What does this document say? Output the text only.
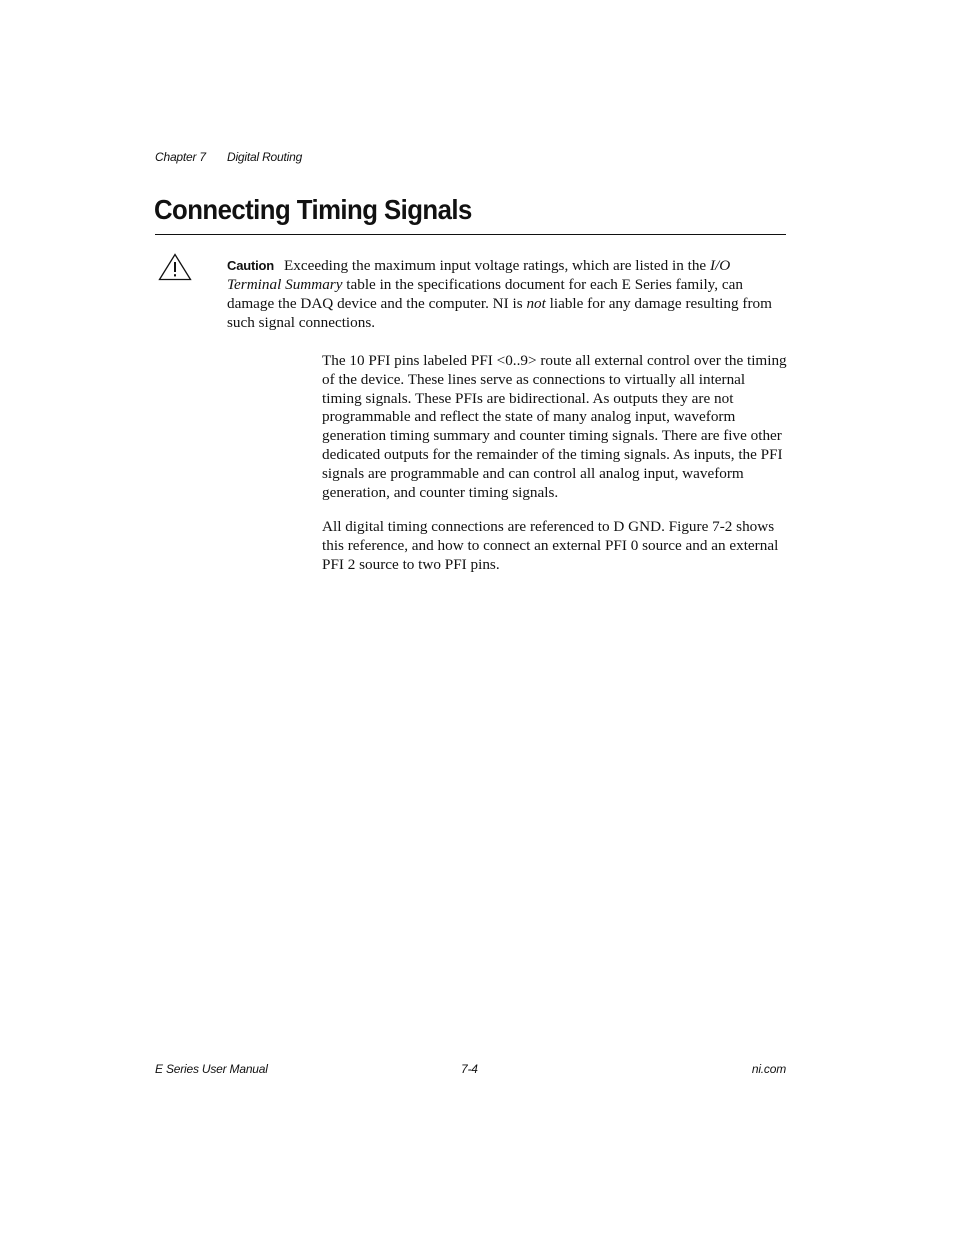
Chapter 7 Digital Routing
Connecting Timing Signals

Caution Exceeding the maximum input voltage ratings, which are listed in the I/O Terminal Summary table in the specifications document for each E Series family, can damage the DAQ device and the computer. NI is not liable for any damage resulting from such signal connections.

The 10 PFI pins labeled PFI <0..9> route all external control over the timing of the device. These lines serve as connections to virtually all internal timing signals. These PFIs are bidirectional. As outputs they are not programmable and reflect the state of many analog input, waveform generation timing summary and counter timing signals. There are five other dedicated outputs for the remainder of the timing signals. As inputs, the PFI signals are programmable and can control all analog input, waveform generation, and counter timing signals.

All digital timing connections are referenced to D GND. Figure 7-2 shows this reference, and how to connect an external PFI 0 source and an external PFI 2 source to two PFI pins.

E Series User Manual	7-4	ni.com
